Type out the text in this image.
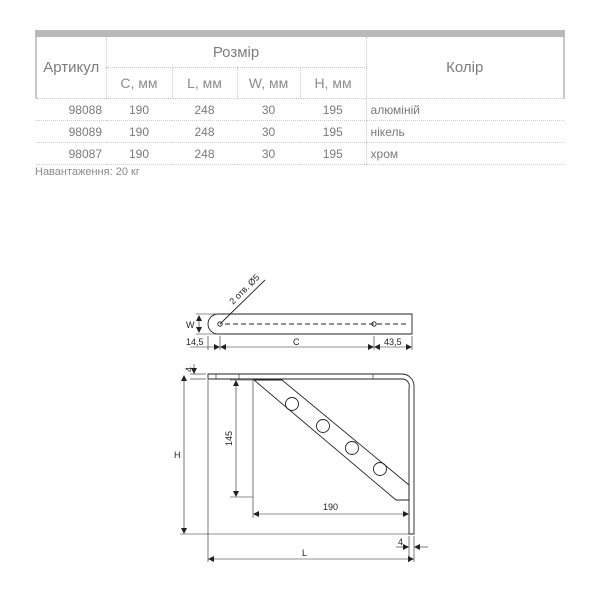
Артикул	Розмір				Колір
	C, мм	L, мм	W, мм	H, мм	
98088	190	248	30	195	алюміній
98089	190	248	30	195	нікель
98087	190	248	30	195	хром
Навантаження: 20 кг
2 отв. Ø5
W
14,5	C	43,5
4
H
145
190
4
L
